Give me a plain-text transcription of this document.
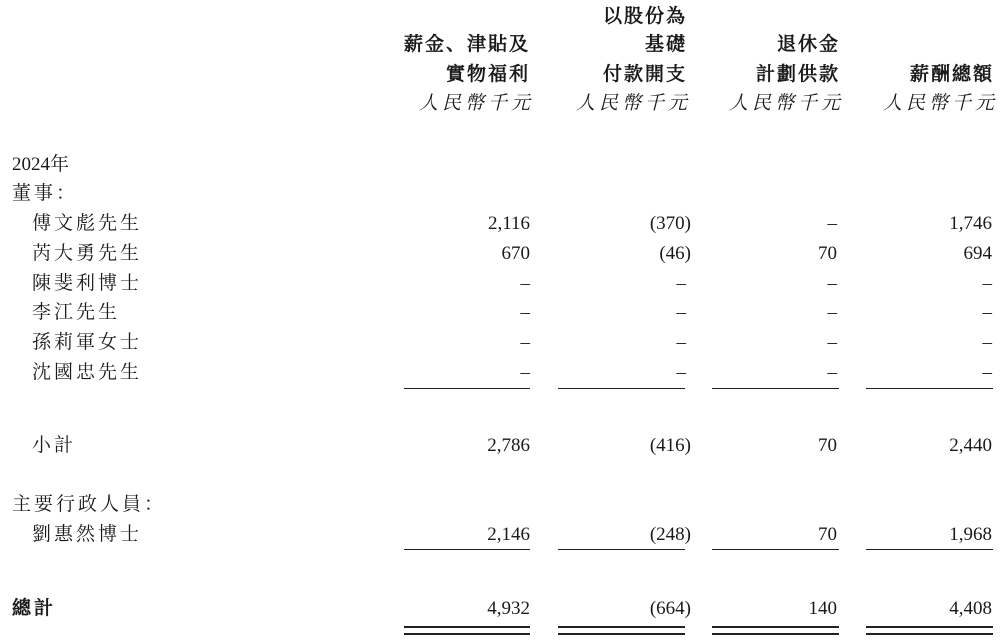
薪金、津貼及
實物福利
人民幣千元
以股份為
基礎
付款開支
人民幣千元
退休金
計劃供款
人民幣千元
薪酬總額
人民幣千元
2024年
董事：
傅文彪先生	2,116	(370)	–	1,746
芮大勇先生	670	(46)	70	694
陳斐利博士	–	–	–	–
李江先生	–	–	–	–
孫莉軍女士	–	–	–	–
沈國忠先生	–	–	–	–
小計	2,786	(416)	70	2,440
主要行政人員：
劉惠然博士	2,146	(248)	70	1,968
總計	4,932	(664)	140	4,408
